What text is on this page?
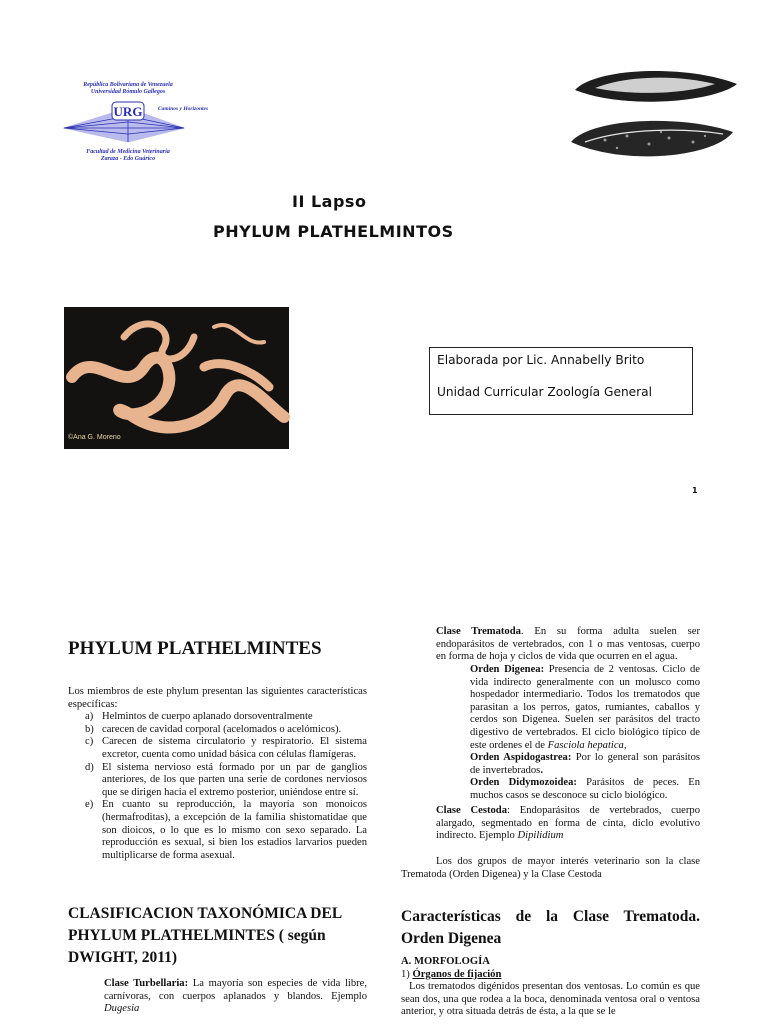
República Bolivariana de Venezuela
Universidad Rómulo Gallegos
URG	Caminos y Horizontes
Facultad de Medicina Veterinaria
Zaraza - Edo Guárico
II Lapso
PHYLUM PLATHELMINTOS
©Ana G. Moreno
Elaborada por Lic. Annabelly Brito
Unidad Curricular Zoología General
1
PHYLUM PLATHELMINTES
Los miembros de este phylum presentan las siguientes características específicas:
a) Helmintos de cuerpo aplanado dorsoventralmente
b) carecen de cavidad corporal (acelomados o acelómicos).
c) Carecen de sistema circulatorio y respiratorio. El sistema excretor, cuenta como unidad básica con células flamígeras.
d) El sistema nervioso está formado por un par de ganglios anteriores, de los que parten una serie de cordones nerviosos que se dirigen hacia el extremo posterior, uniéndose entre sí.
e) En cuanto su reproducción, la mayoría son monoicos (hermafroditas), a excepción de la familia shistomatidae que son dioicos, o lo que es lo mismo con sexo separado. La reproducción es sexual, si bien los estadios larvarios pueden multiplicarse de forma asexual.
CLASIFICACION TAXONÓMICA DEL
PHYLUM PLATHELMINTES ( según
DWIGHT, 2011)
Clase Turbellaria: La mayoría son especies de vida libre, carnívoras, con cuerpos aplanados y blandos. Ejemplo Dugesia
Clase Trematoda. En su forma adulta suelen ser endoparásitos de vertebrados, con 1 o mas ventosas, cuerpo en forma de hoja y ciclos de vida que ocurren en el agua.
Orden Digenea: Presencia de 2 ventosas. Ciclo de vida indirecto generalmente con un molusco como hospedador intermediario. Todos los trematodos que parasitan a los perros, gatos, rumiantes, caballos y cerdos son Digenea. Suelen ser parásitos del tracto digestivo de vertebrados. El ciclo biológico típico de este ordenes el de Fasciola hepatica,
Orden Aspidogastrea: Por lo general son parásitos de invertebrados.
Orden Didymozoidea: Parásitos de peces. En muchos casos se desconoce su ciclo biológico.
Clase Cestoda: Endoparásitos de vertebrados, cuerpo alargado, segmentado en forma de cinta, diclo evolutivo indirecto. Ejemplo Dipilidium
Los dos grupos de mayor interés veterinario son la clase Trematoda (Orden Digenea) y la Clase Cestoda
Características de la Clase Trematoda. Orden Digenea
A. MORFOLOGÍA
1) Órganos de fijación
Los trematodos digénidos presentan dos ventosas. Lo común es que sean dos, una que rodea a la boca, denominada ventosa oral o ventosa anterior, y otra situada detrás de ésta, a la que se le
